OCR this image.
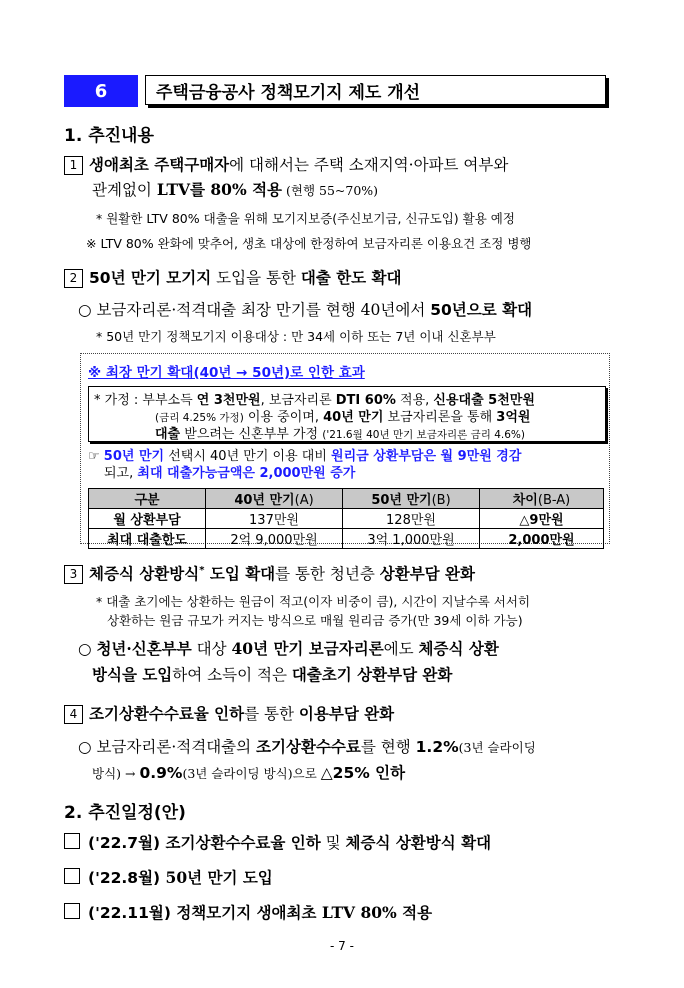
6	주택금융공사 정책모기지 제도 개선
1. 추진내용
1 생애최초 주택구매자에 대해서는 주택 소재지역·아파트 여부와
관계없이 LTV를 80% 적용 (현행 55~70%)
* 원활한 LTV 80% 대출을 위해 모기지보증(주신보기금, 신규도입) 활용 예정
※ LTV 80% 완화에 맞추어, 생초 대상에 한정하여 보금자리론 이용요건 조정 병행
2 50년 만기 모기지 도입을 통한 대출 한도 확대
○ 보금자리론·적격대출 최장 만기를 현행 40년에서 50년으로 확대
* 50년 만기 정책모기지 이용대상 : 만 34세 이하 또는 7년 이내 신혼부부
※ 최장 만기 확대(40년 → 50년)로 인한 효과
* 가정 : 부부소득 연 3천만원, 보금자리론 DTI 60% 적용, 신용대출 5천만원
(금리 4.25% 가정) 이용 중이며, 40년 만기 보금자리론을 통해 3억원
대출 받으려는 신혼부부 가정 ('21.6월 40년 만기 보금자리론 금리 4.6%)
☞ 50년 만기 선택시 40년 만기 이용 대비 원리금 상환부담은 월 9만원 경감
되고, 최대 대출가능금액은 2,000만원 증가
구분	40년 만기(A)	50년 만기(B)	차이(B-A)
월 상환부담	137만원	128만원	△9만원
최대 대출한도	2억 9,000만원	3억 1,000만원	2,000만원
3 체증식 상환방식* 도입 확대를 통한 청년층 상환부담 완화
* 대출 초기에는 상환하는 원금이 적고(이자 비중이 큼), 시간이 지날수록 서서히
상환하는 원금 규모가 커지는 방식으로 매월 원리금 증가(만 39세 이하 가능)
○ 청년·신혼부부 대상 40년 만기 보금자리론에도 체증식 상환
방식을 도입하여 소득이 적은 대출초기 상환부담 완화
4 조기상환수수료율 인하를 통한 이용부담 완화
○ 보금자리론·적격대출의 조기상환수수료를 현행 1.2%(3년 슬라이딩
방식) → 0.9%(3년 슬라이딩 방식)으로 △25% 인하
2. 추진일정(안)
('22.7월) 조기상환수수료율 인하 및 체증식 상환방식 확대
('22.8월) 50년 만기 도입
('22.11월) 정책모기지 생애최초 LTV 80% 적용
- 7 -
